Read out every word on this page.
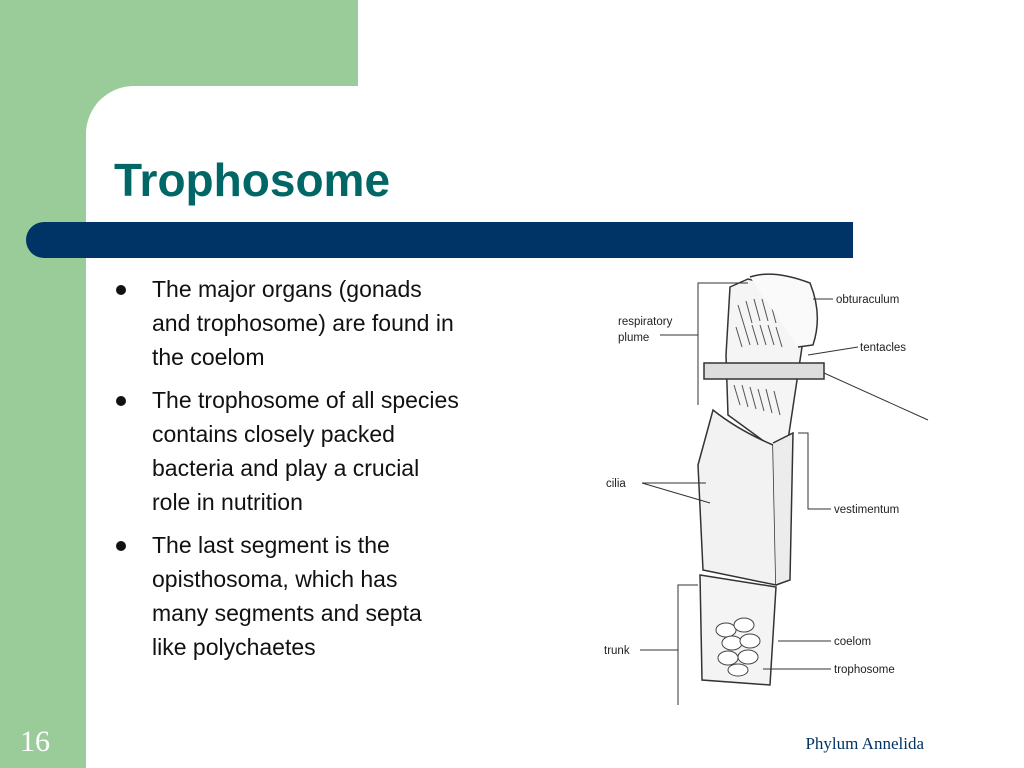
Trophosome
The major organs (gonads
and trophosome) are found in
the coelom
The trophosome of all species
contains closely packed
bacteria and play a crucial
role in nutrition
The last segment is the
opisthosoma, which has
many segments and septa
like polychaetes
obturaculum
respiratory
plume
tentacles
cilia
vestimentum
coelom
trunk
trophosome
16	Phylum Annelida
